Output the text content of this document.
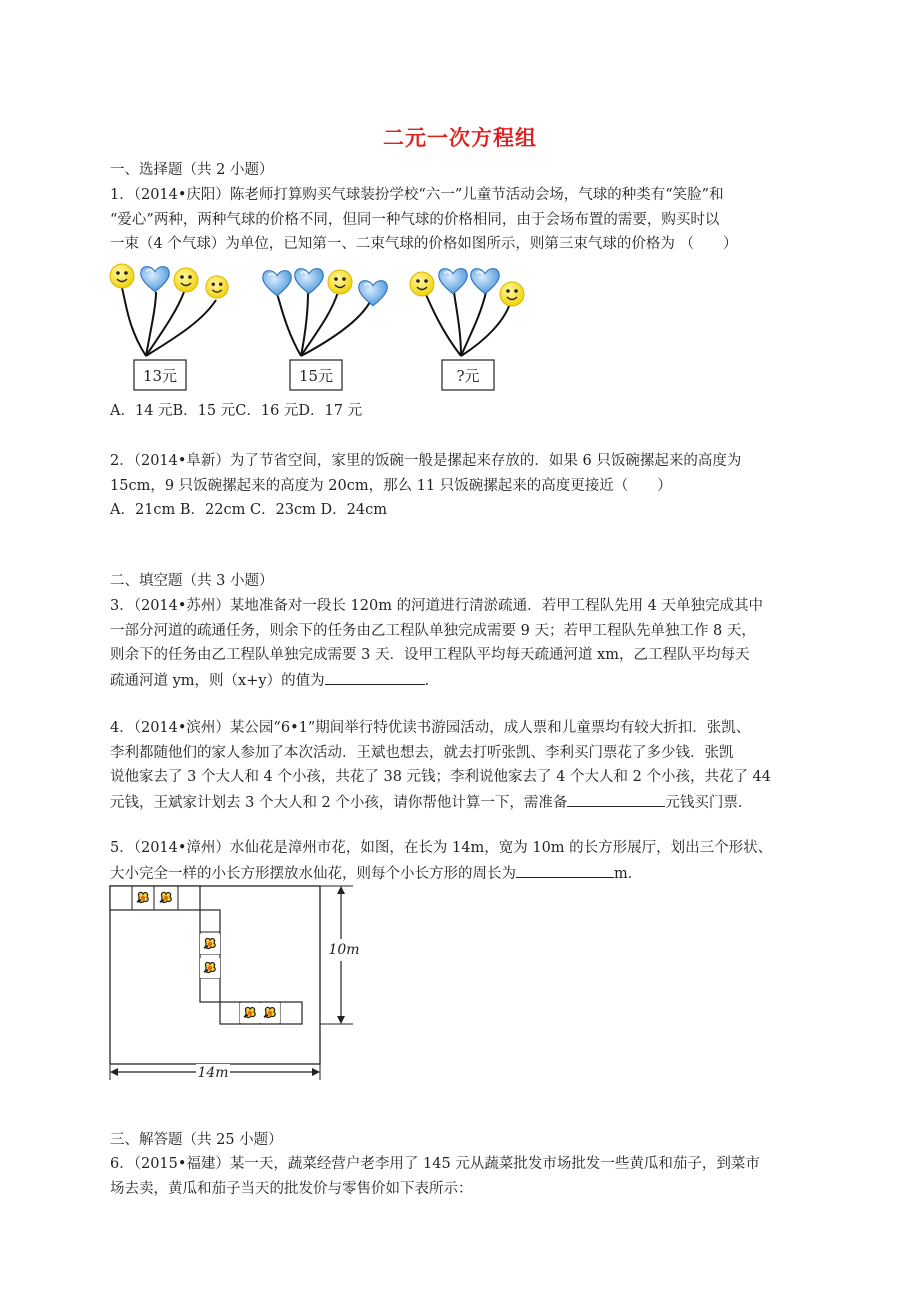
二元一次方程组
一、选择题（共 2 小题）
1．（2014•庆阳）陈老师打算购买气球装扮学校“六一”儿童节活动会场，气球的种类有“笑脸”和
“爱心”两种，两种气球的价格不同，但同一种气球的价格相同，由于会场布置的需要，购买时以
一束（4 个气球）为单位，已知第一、二束气球的价格如图所示，则第三束气球的价格为 （　　）
13元	15元	?元
A．14 元B．15 元C．16 元D．17 元
2．（2014•阜新）为了节省空间，家里的饭碗一般是摞起来存放的．如果 6 只饭碗摞起来的高度为
15cm，9 只饭碗摞起来的高度为 20cm，那么 11 只饭碗摞起来的高度更接近（　　）
A．21cm B．22cm C．23cm D．24cm
二、填空题（共 3 小题）
3．（2014•苏州）某地准备对一段长 120m 的河道进行清淤疏通．若甲工程队先用 4 天单独完成其中
一部分河道的疏通任务，则余下的任务由乙工程队单独完成需要 9 天；若甲工程队先单独工作 8 天，
则余下的任务由乙工程队单独完成需要 3 天．设甲工程队平均每天疏通河道 xm，乙工程队平均每天
疏通河道 ym，则（x+y）的值为	．
4．（2014•滨州）某公园“6•1”期间举行特优读书游园活动，成人票和儿童票均有较大折扣．张凯、
李利都随他们的家人参加了本次活动．王斌也想去，就去打听张凯、李利买门票花了多少钱．张凯
说他家去了 3 个大人和 4 个小孩，共花了 38 元钱；李利说他家去了 4 个大人和 2 个小孩，共花了 44
元钱，王斌家计划去 3 个大人和 2 个小孩，请你帮他计算一下，需准备	元钱买门票．
5．（2014•漳州）水仙花是漳州市花，如图，在长为 14m，宽为 10m 的长方形展厅，划出三个形状、
大小完全一样的小长方形摆放水仙花，则每个小长方形的周长为	m．
10m
14m
三、解答题（共 25 小题）
6．（2015•福建）某一天，蔬菜经营户老李用了 145 元从蔬菜批发市场批发一些黄瓜和茄子，到菜市
场去卖，黄瓜和茄子当天的批发价与零售价如下表所示：
